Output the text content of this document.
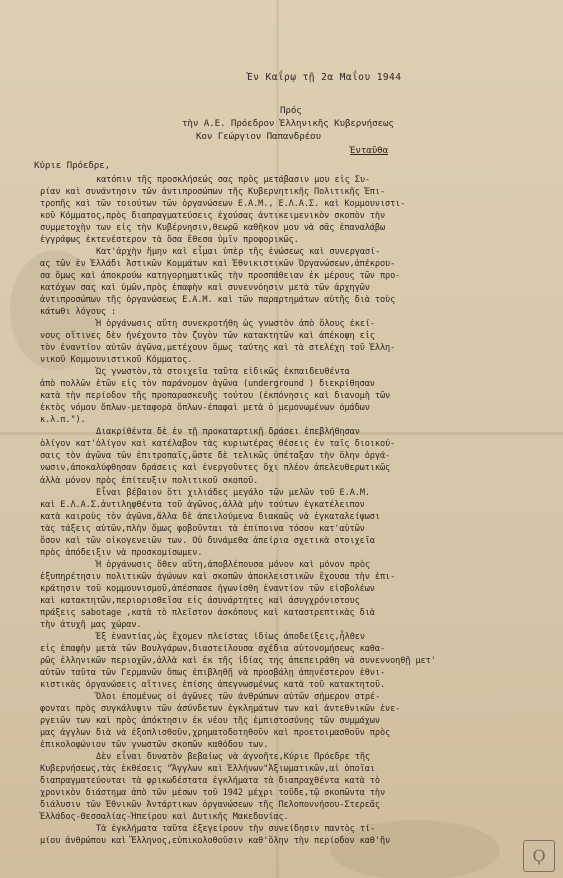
Ἐν Καΐρῳ τῇ 2α Μαΐου 1944
Πρός
τὴν Α.Ε. Πρόεδρον Ἑλληνικῆς Κυβερνήσεως
Κον Γεώργιον Παπανδρέου
Ἐνταῦθα
Κύριε Πρόεδρε,
κατόπιν τῆς προσκλήσεώς σας πρὸς μετάβασιν μου εἰς Συ-
ρίαν καὶ συνάντησιν τῶν ἀντιπροσώπων τῆς Κυβερνητικῆς Πολιτικῆς Ἐπι-
τροπῆς καὶ τῶν τοιούτων τῶν ὀργανώσεων Ε.Α.Μ., Ε.Λ.Α.Σ. καὶ Κομμουνιστι-
κοῦ Κόμματος,πρὸς διαπραγματεύσεις ἐχούσας ἀντικειμενικὸν σκοπὸν τὴν
συμμετοχὴν των εἰς τὴν Κυβέρνησιν,θεωρῶ καθῆκον μου νὰ σᾶς ἐπαναλάβω
ἐγγράφως ἐκτενέστερον τὰ ὅσα ἔθεσα ὑμῖν προφορικῶς.
Κατ'ἀρχὴν ἤμην καὶ εἶμαι ὑπὲρ τῆς ἑνώσεως καὶ συνεργασί-
ας τῶν ἐν Ἑλλάδι Ἀστικῶν Κομμάτων καὶ Ἐθνικιστικῶν Ὀργανώσεων,ἀπέκρου-
σα ὅμως καὶ ἀποκρούω κατηγορηματικῶς τὴν προσπάθειαν ἐκ μέρους τῶν προ-
κατόχων σας καὶ ὑμῶν,πρὸς ἐπαφὴν καὶ συνεννόησιν μετὰ τῶν ἀρχηγῶν
ἀντιπροσώπων τῆς ὀργανώσεως Ε.Α.Μ. καὶ τῶν παραρτημάτων αὐτῆς διὰ τοὺς
κάτωθι λόγους :
Ἡ ὀργάνωσις αὕτη συνεκροτήθη ὡς γνωστὸν ἀπὸ ὅλους ἐκεί-
νους οἵτινες δὲν ἠνέχοντο τὸν ζυγὸν τῶν κατακτητῶν καὶ ἀπέκοψη εἰς
τὸν ἐναντίον αὐτῶν ἀγῶνα,μετέχουν ὅμως ταύτης καὶ τὰ στελέχη τοῦ Ἑλλη-
νικοῦ Κομμουνιστικοῦ Κόμματος.
Ὡς γνωστὸν,τὰ στοιχεῖα ταῦτα εἰδικῶς ἐκπαιδευθέντα
ἀπὸ πολλῶν ἐτῶν εἰς τὸν παράνομον ἀγῶνα (underground ) διεκρίθησαν
κατὰ τὴν περίοδον τῆς προπαρασκευῆς τούτου (ἐκπόνησις καὶ διανομὴ τῶν
ἐκτὸς νόμου ὅπλων-μεταφορὰ ὅπλων-ἐπαφαὶ μετὰ ὁ μεμονωμένων ὁμάδων
κ.λ.π.").
Διακρίθέντα δὲ ἐν τῇ προκαταρτικῇ δράσει ἐπεβλήθησαν
ὀλίγον κατ'ὀλίγον καὶ κατέλαβον τὰς κυριωτέρας θέσεις ἐν ταῖς διοικού-
σαις τὸν ἀγῶνα τῶν ἐπιτροπαῖς,ὥστε δὲ τελικῶς ὑπέταξαν τὴν ὅλην ὀργά-
νωσιν,ἀποκαλύφθησαν δράσεις καὶ ἐνεργοῦντες ὄχι πλέον ἀπελευθερωτικῶς
ἀλλὰ μόνον πρὸς ἐπίτευξιν πολιτικοῦ σκοποῦ.
Εἶναι βέβαιον ὅτι χιλιάδες μεγάλο τῶν μελῶν τοῦ Ε.Α.Μ.
καὶ Ε.Λ.Α.Σ.ἀντιληφθέντα τοῦ ἀγῶνος,ἀλλὰ μὴν τούτων ἐγκατέλειπον
κατὰ καιροὺς τὸν ἀγῶνα,ἄλλα δὲ ἀπειλούμενα διακαῶς νὰ ἐγκαταλείψωσι
τὰς τάξεις αὐτῶν,πλὴν ὅμως φοβοῦνται τὰ ἐπίποινα τόσον κατ'αὐτῶν
ὅσον καὶ τῶν οἰκογενειῶν των. Οὐ δυνάμεθα ἀπείρια σχετικὰ στοιχεῖα
πρὸς ἀπόδειξιν νὰ προσκομίσωμεν.
Ἡ ὀργάνωσις ὅθεν αὕτη,ἀποβλέπουσα μόνον καὶ μόνον πρὸς
ἐξυπηρέτησιν πολιτικῶν ἀγώνων καὶ σκοπῶν ἀποκλειστικῶν ἔχουσα τὴν ἐπι-
κράτησιν τοῦ κομμουνισμοῦ,ἀπέσπασε ἠγωνίσθη ἐναντίον τῶν εἰσβολέων
καὶ κατακτητῶν,περιορισθεῖσα εἰς ἀσυνάρτητες καὶ ἀσυγχρόνιστους
πράξεις sabotage ,κατὰ τὸ πλεῖστον ἀσκόπους καὶ καταστρεπτικὰς διὰ
τὴν ἀτυχῆ μας χώραν.
Ἐξ ἐναντίας,ὡς ἔχομεν πλείστας ἰδίως ἀποδείξεις,ἦλθεν
εἰς ἐπαφὴν μετὰ τῶν Βουλγάρων,διαστείλουσα σχέδια αὐτονομήσεως καθα-
ρῶς ἑλληνικῶν περιοχῶν,ἀλλὰ καὶ ἐκ τῆς ἰδίας της ἀπεπειράθη νὰ συνεννοηθῇ μετ'
αὐτῶν ταῦτα τῶν Γερμανῶν ὅπως ἐπιβληθῇ νὰ προσβάλῃ ἀπηνέστερον ἐθνι-
κιστικὰς ὀργανώσεις αἵτινες ἐπίσης ἀπεγνωσμένως κατὰ τοῦ κατακτητοῦ.
Ὅλοι ἐπομένως οἱ ἀγῶνες τῶν ἀνθρώπων αὐτῶν σήμερον στρέ-
φονται πρὸς συγκάλυψιν τῶν ἀσύνδετων ἐγκλημάτων των καὶ ἀντεθνικῶν ἐνε-
ργειῶν των καὶ πρὸς ἀπόκτησιν ἐκ νέου τῆς ἐμπιστοσύνης τῶν συμμάχων
μας ἀγγλων διὰ νὰ ἐξοπλισθοῦν,χρηματοδοτηθοῦν καὶ προετοιμασθοῦν πρὸς
ἐπικολοφώνιον τῶν γνωστῶν σκοπῶν καθόδου των.
Δὲν εἶναι δυνατὸν βεβαίως νὰ ἀγνοῆτε,Κύριε Πρόεδρε τῆς
Κυβερνήσεως,τὰς ἐκθέσεις "Ἄγγλων καὶ Ἑλλήνων"Ἀξιωματικῶν,αἱ ὁποῖαι
διαπραγματεύονται τὰ φρικωδέστατα ἐγκλήματα τὰ διαπραχθέντα κατὰ τὸ
χρονικὸν διάστημα ἀπὸ τῶν μέσων τοῦ 1942 μέχρι τοῦδε,τῷ σκοπῶντα τὴν
διάλυσιν τῶν Ἐθνικῶν Ἀντάρτικων ὀργανώσεων τῆς Πελοποννήσου-Στερεᾶς
Ἑλλάδος-Θεσσαλίας-Ἠπείρου καὶ Δυτικῆς Μακεδονίας.
Τὰ ἐγκλήματα ταῦτα ἐξεγείρουν τὴν συνείδησιν παντὸς τί-
μίου ἀνθρώπου καὶ Ἕλληνος,εὐπικολοθοῦσιν καθ'ὅλην τὴν περίοδον καθ'ἣν
Ϙ
